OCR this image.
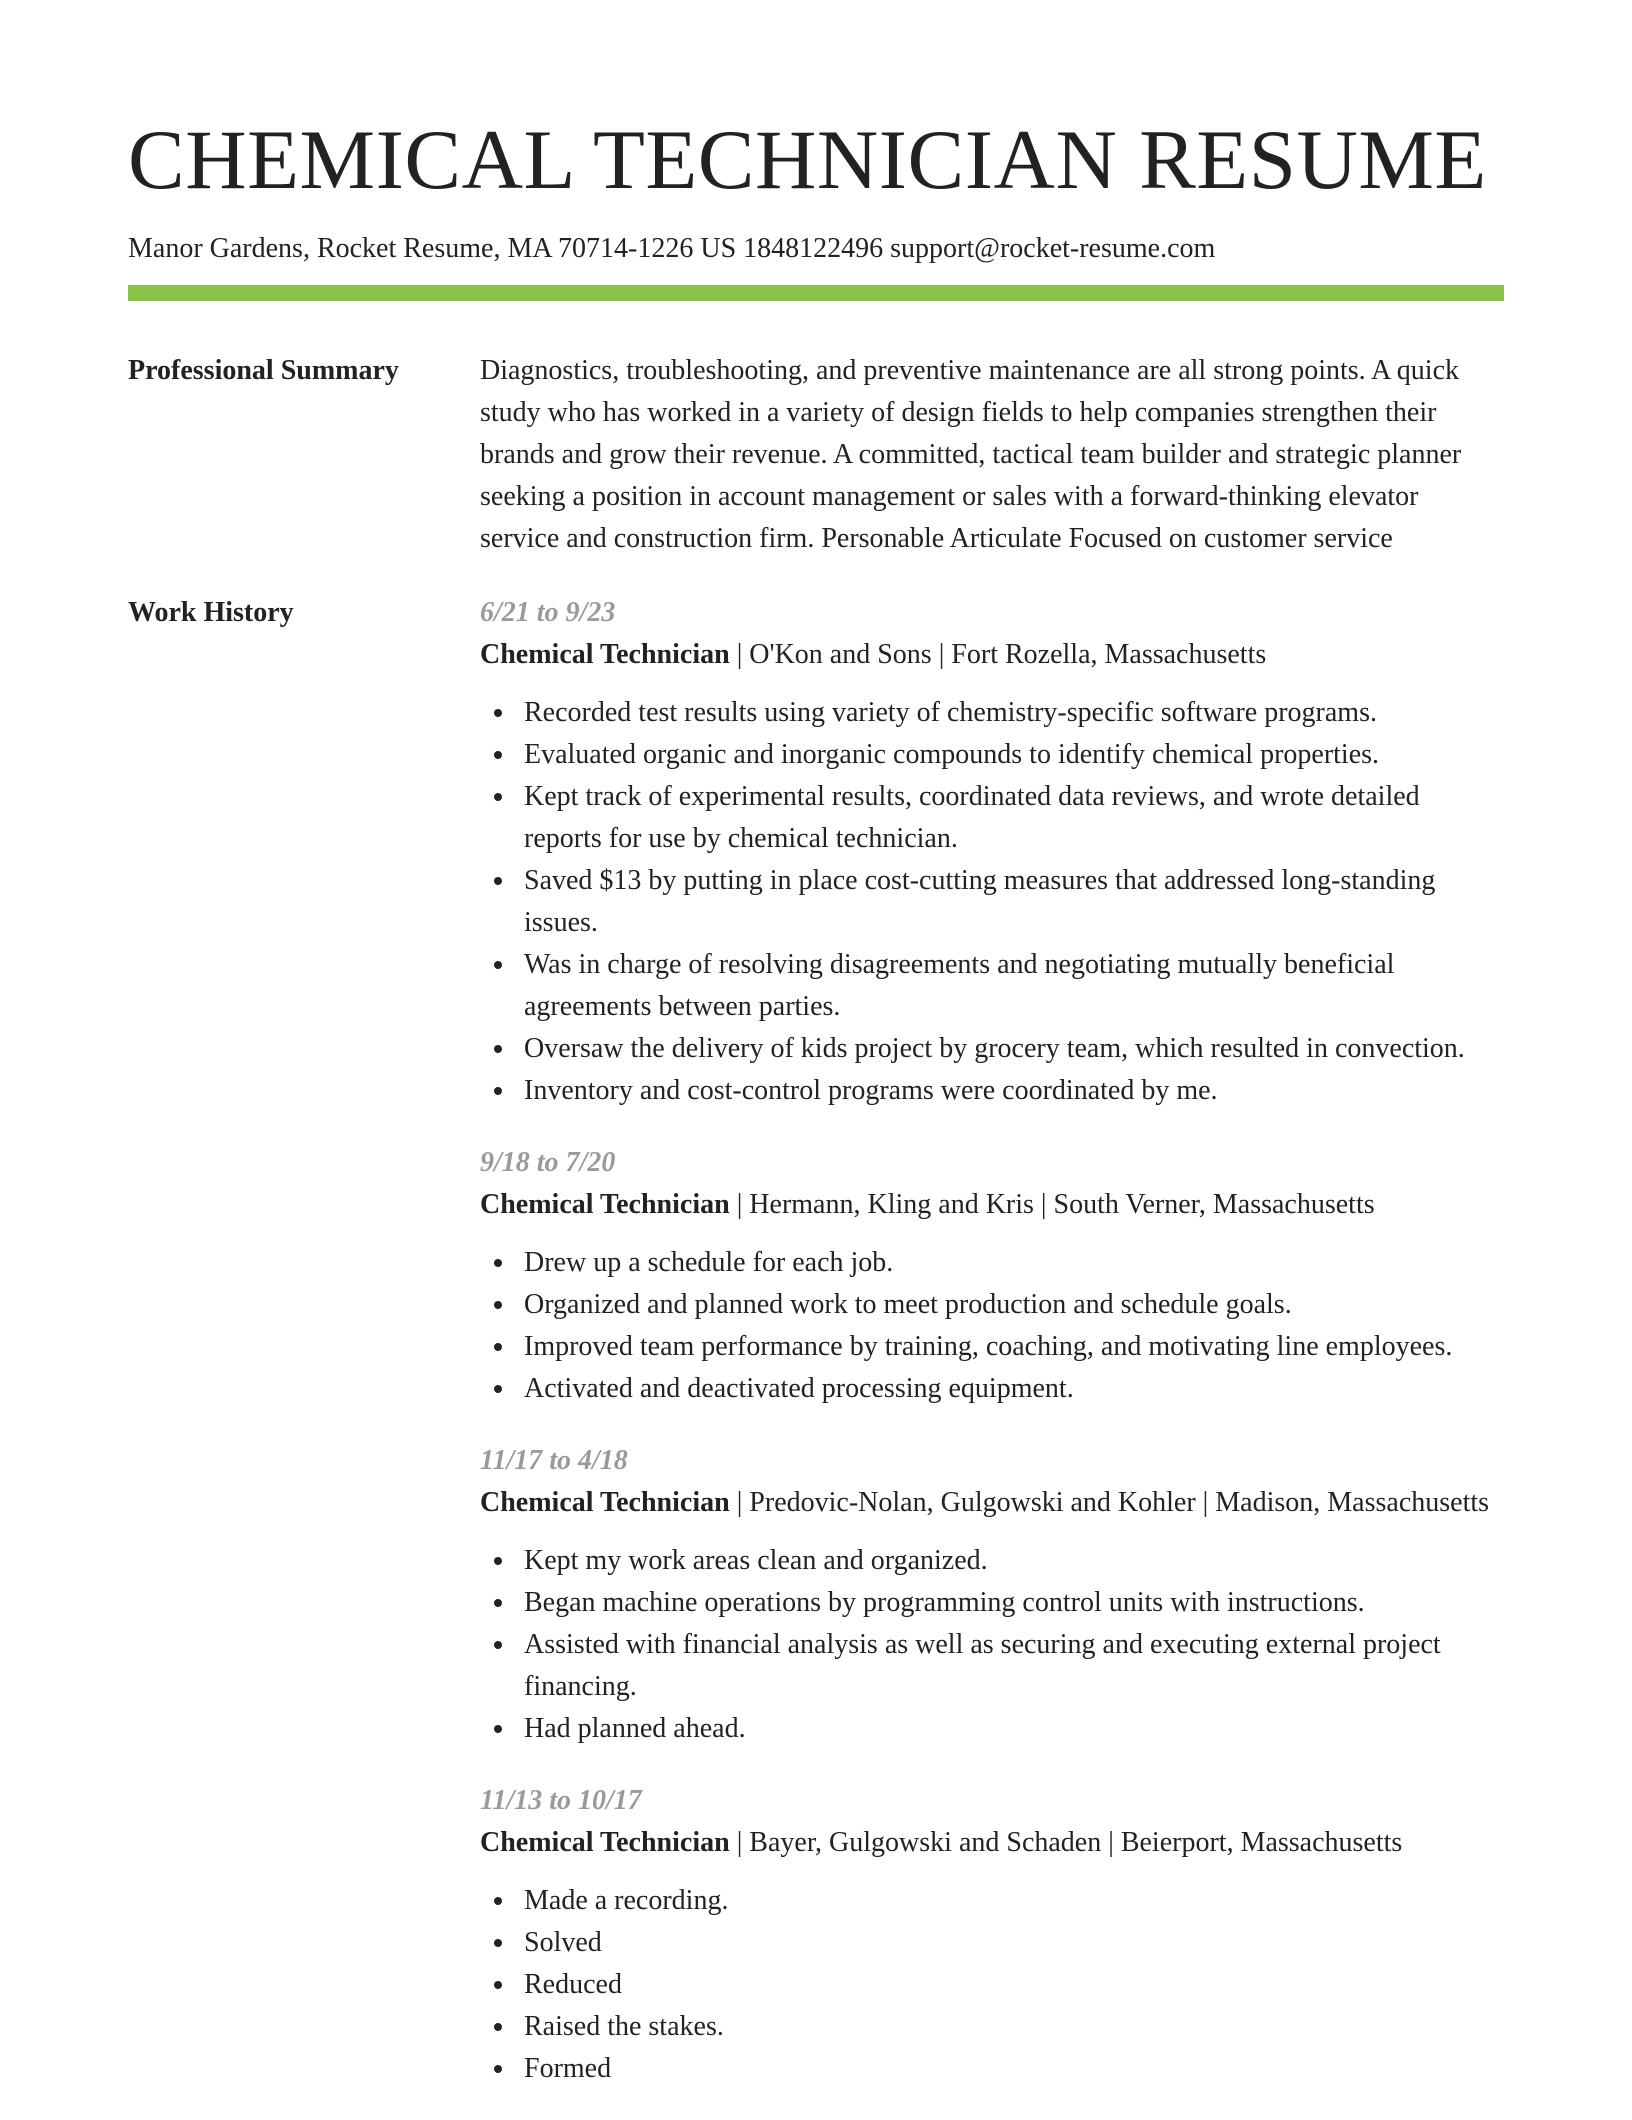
CHEMICAL TECHNICIAN RESUME
Manor Gardens, Rocket Resume, MA 70714-1226 US 1848122496 support@rocket-resume.com
Professional Summary	Diagnostics, troubleshooting, and preventive maintenance are all strong points. A quick study who has worked in a variety of design fields to help companies strengthen their brands and grow their revenue. A committed, tactical team builder and strategic planner seeking a position in account management or sales with a forward-thinking elevator service and construction firm. Personable Articulate Focused on customer service

Work History	6/21 to 9/23
Chemical Technician | O'Kon and Sons | Fort Rozella, Massachusetts
Recorded test results using variety of chemistry-specific software programs.
Evaluated organic and inorganic compounds to identify chemical properties.
Kept track of experimental results, coordinated data reviews, and wrote detailed reports for use by chemical technician.
Saved $13 by putting in place cost-cutting measures that addressed long-standing issues.
Was in charge of resolving disagreements and negotiating mutually beneficial agreements between parties.
Oversaw the delivery of kids project by grocery team, which resulted in convection.
Inventory and cost-control programs were coordinated by me.
9/18 to 7/20
Chemical Technician | Hermann, Kling and Kris | South Verner, Massachusetts
Drew up a schedule for each job.
Organized and planned work to meet production and schedule goals.
Improved team performance by training, coaching, and motivating line employees.
Activated and deactivated processing equipment.
11/17 to 4/18
Chemical Technician | Predovic-Nolan, Gulgowski and Kohler | Madison, Massachusetts
Kept my work areas clean and organized.
Began machine operations by programming control units with instructions.
Assisted with financial analysis as well as securing and executing external project financing.
Had planned ahead.
11/13 to 10/17
Chemical Technician | Bayer, Gulgowski and Schaden | Beierport, Massachusetts
Made a recording.
Solved
Reduced
Raised the stakes.
Formed
